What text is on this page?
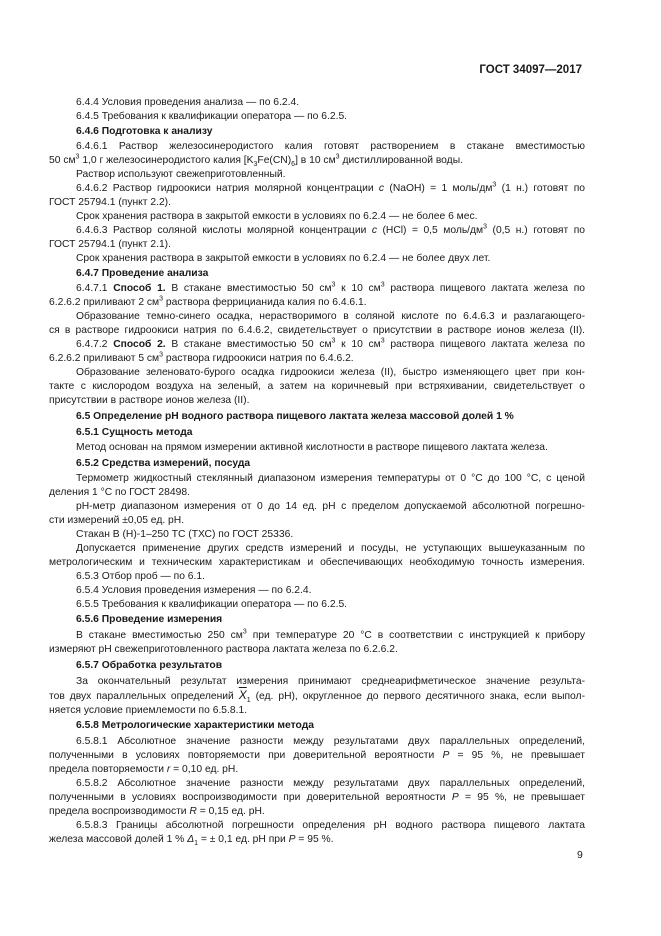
ГОСТ 34097—2017
6.4.4 Условия проведения анализа — по 6.2.4.
6.4.5 Требования к квалификации оператора — по 6.2.5.
6.4.6 Подготовка к анализу
6.4.6.1 Раствор железосинеродистого калия готовят растворением в стакане вместимостью
50 $см^3$ 1,0 г железосинеродистого калия $[K_3Fe(CN)_6]$ в 10 $см^3$ дистиллированной воды.
Раствор используют свежеприготовленный.
6.4.6.2 Раствор гидроокиси натрия молярной концентрации c (NaOH) = 1 моль/$дм^3$ (1 н.) готовят по
ГОСТ 25794.1 (пункт 2.2).
Срок хранения раствора в закрытой емкости в условиях по 6.2.4 — не более 6 мес.
6.4.6.3 Раствор соляной кислоты молярной концентрации c (HCl) = 0,5 моль/$дм^3$ (0,5 н.) готовят по
ГОСТ 25794.1 (пункт 2.1).
Срок хранения раствора в закрытой емкости в условиях по 6.2.4 — не более двух лет.
6.4.7 Проведение анализа
6.4.7.1 Способ 1. В стакане вместимостью 50 $см^3$ к 10 $см^3$ раствора пищевого лактата железа по
6.2.6.2 приливают 2 $см^3$ раствора феррицианида калия по 6.4.6.1.
Образование темно-синего осадка, нерастворимого в соляной кислоте по 6.4.6.3 и разлагающего-
ся в растворе гидроокиси натрия по 6.4.6.2, свидетельствует о присутствии в растворе ионов железа (II).
6.4.7.2 Способ 2. В стакане вместимостью 50 $см^3$ к 10 $см^3$ раствора пищевого лактата железа по
6.2.6.2 приливают 5 $см^3$ раствора гидроокиси натрия по 6.4.6.2.
Образование зеленовато-бурого осадка гидроокиси железа (II), быстро изменяющего цвет при кон-
такте с кислородом воздуха на зеленый, а затем на коричневый при встряхивании, свидетельствует о
присутствии в растворе ионов железа (II).
6.5 Определение pH водного раствора пищевого лактата железа массовой долей 1 %
6.5.1 Сущность метода
Метод основан на прямом измерении активной кислотности в растворе пищевого лактата железа.
6.5.2 Средства измерений, посуда
Термометр жидкостный стеклянный диапазоном измерения температуры от 0 °С до 100 °С, с ценой
деления 1 °С по ГОСТ 28498.
pH-метр диапазоном измерения от 0 до 14 ед. pH с пределом допускаемой абсолютной погрешно-
сти измерений ±0,05 ед. pH.
Стакан В (Н)-1–250 ТС (ТХС) по ГОСТ 25336.
Допускается применение других средств измерений и посуды, не уступающих вышеуказанным по
метрологическим и техническим характеристикам и обеспечивающих необходимую точность измерения.
6.5.3 Отбор проб — по 6.1.
6.5.4 Условия проведения измерения — по 6.2.4.
6.5.5 Требования к квалификации оператора — по 6.2.5.
6.5.6 Проведение измерения
В стакане вместимостью 250 $см^3$ при температуре 20 °С в соответствии с инструкцией к прибору
измеряют pH свежеприготовленного раствора лактата железа по 6.2.6.2.
6.5.7 Обработка результатов
За окончательный результат измерения принимают среднеарифметическое значение результа-
тов двух параллельных определений $\overline{X}_1$ (ед. pH), округленное до первого десятичного знака, если выпол-
няется условие приемлемости по 6.5.8.1.
6.5.8 Метрологические характеристики метода
6.5.8.1 Абсолютное значение разности между результатами двух параллельных определений,
полученными в условиях повторяемости при доверительной вероятности P = 95 %, не превышает
предела повторяемости r = 0,10 ед. pH.
6.5.8.2 Абсолютное значение разности между результатами двух параллельных определений,
полученными в условиях воспроизводимости при доверительной вероятности P = 95 %, не превышает
предела воспроизводимости R = 0,15 ед. pH.
6.5.8.3 Границы абсолютной погрешности определения pH водного раствора пищевого лактата
железа массовой долей 1 % $\Delta_1$ = ± 0,1 ед. pH при P = 95 %.
9
